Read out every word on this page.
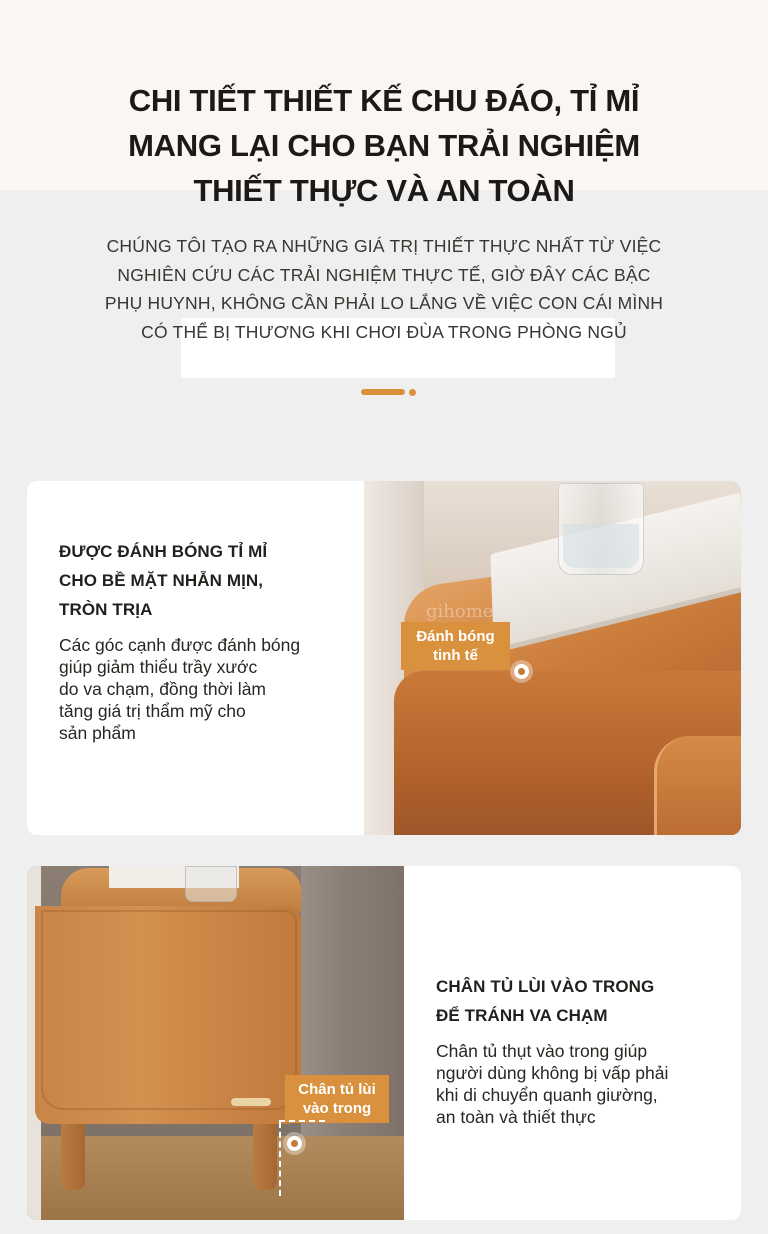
CHI TIẾT THIẾT KẾ CHU ĐÁO, TỈ MỈ
MANG LẠI CHO BẠN TRẢI NGHIỆM
THIẾT THỰC VÀ AN TOÀN

CHÚNG TÔI TẠO RA NHỮNG GIÁ TRỊ THIẾT THỰC NHẤT TỪ VIỆC
NGHIÊN CỨU CÁC TRẢI NGHIỆM THỰC TẾ, GIỜ ĐÂY CÁC BẬC
PHỤ HUYNH, KHÔNG CẦN PHẢI LO LẮNG VỀ VIỆC CON CÁI MÌNH
CÓ THỂ BỊ THƯƠNG KHI CHƠI ĐÙA TRONG PHÒNG NGỦ

ĐƯỢC ĐÁNH BÓNG TỈ MỈ
CHO BỀ MẶT NHẴN MỊN,
TRÒN TRỊA

Các góc cạnh được đánh bóng
giúp giảm thiểu trầy xước
do va chạm, đồng thời làm
tăng giá trị thẩm mỹ cho
sản phẩm

gihome
Đánh bóng
tinh tế
Chân tủ lùi
vào trong
CHÂN TỦ LÙI VÀO TRONG
ĐỂ TRÁNH VA CHẠM

Chân tủ thụt vào trong giúp
người dùng không bị vấp phải
khi di chuyển quanh giường,
an toàn và thiết thực
